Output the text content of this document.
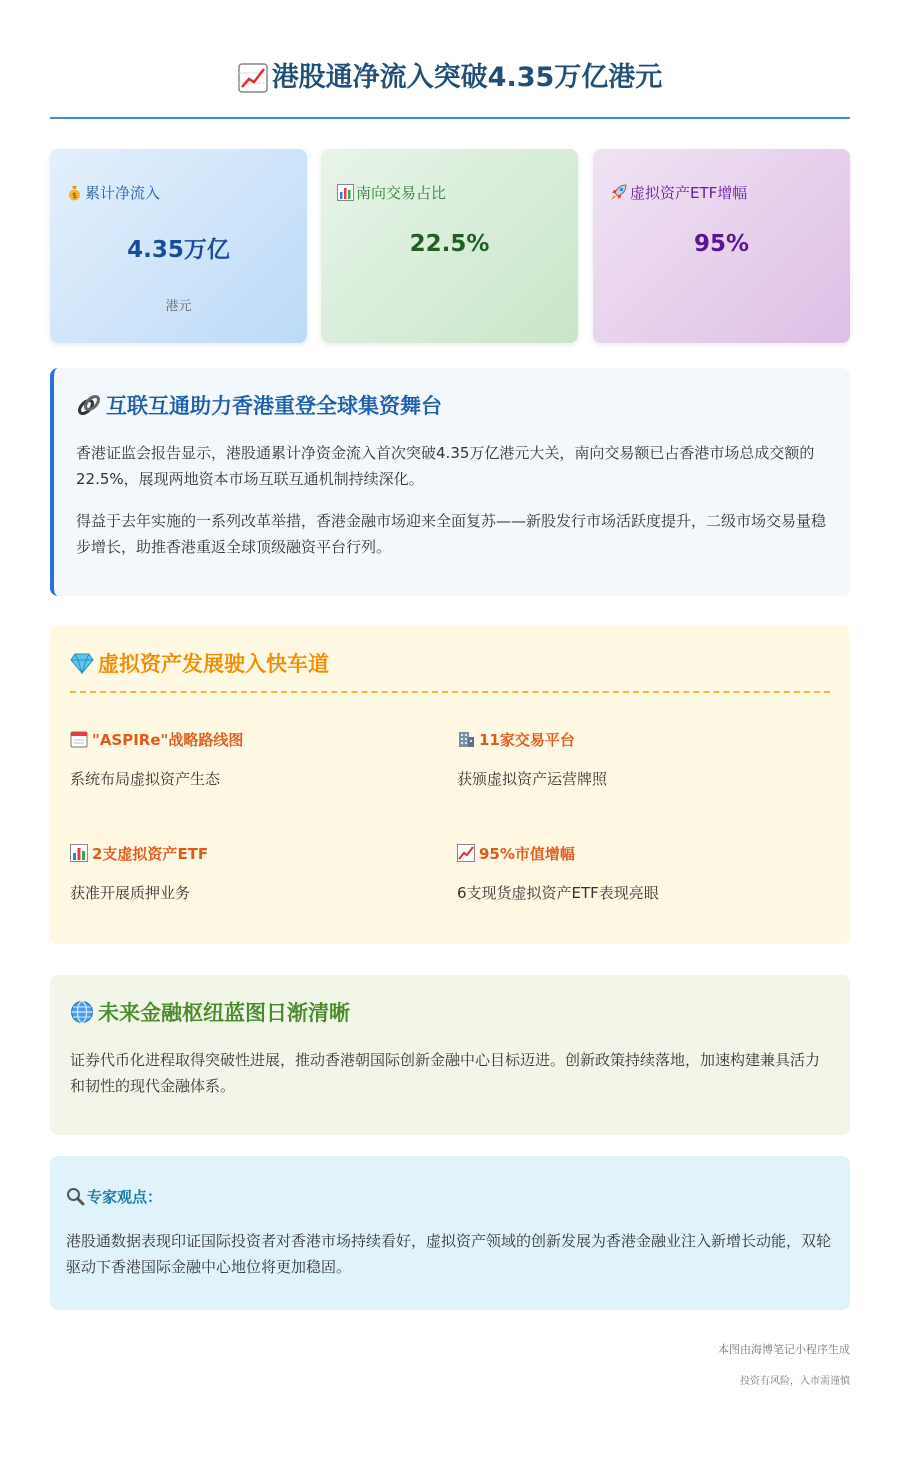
港股通净流入突破4.35万亿港元
$ 累计净流入
4.35万亿
港元
南向交易占比
22.5%
虚拟资产ETF增幅
95%
互联互通助力香港重登全球集资舞台

香港证监会报告显示，港股通累计净资金流入首次突破4.35万亿港元大关，南向交易额已占香港市场总成交额的22.5%，展现两地资本市场互联互通机制持续深化。

得益于去年实施的一系列改革举措，香港金融市场迎来全面复苏——新股发行市场活跃度提升，二级市场交易量稳步增长，助推香港重返全球顶级融资平台行列。

虚拟资产发展驶入快车道
"ASPIRe"战略路线图
系统布局虚拟资产生态
11家交易平台
获颁虚拟资产运营牌照
2支虚拟资产ETF
获准开展质押业务
95%市值增幅
6支现货虚拟资产ETF表现亮眼
未来金融枢纽蓝图日渐清晰

证券代币化进程取得突破性进展，推动香港朝国际创新金融中心目标迈进。创新政策持续落地，加速构建兼具活力和韧性的现代金融体系。

专家观点：

港股通数据表现印证国际投资者对香港市场持续看好，虚拟资产领域的创新发展为香港金融业注入新增长动能，双轮驱动下香港国际金融中心地位将更加稳固。

本图由海博笔记小程序生成
投资有风险，入市需谨慎
